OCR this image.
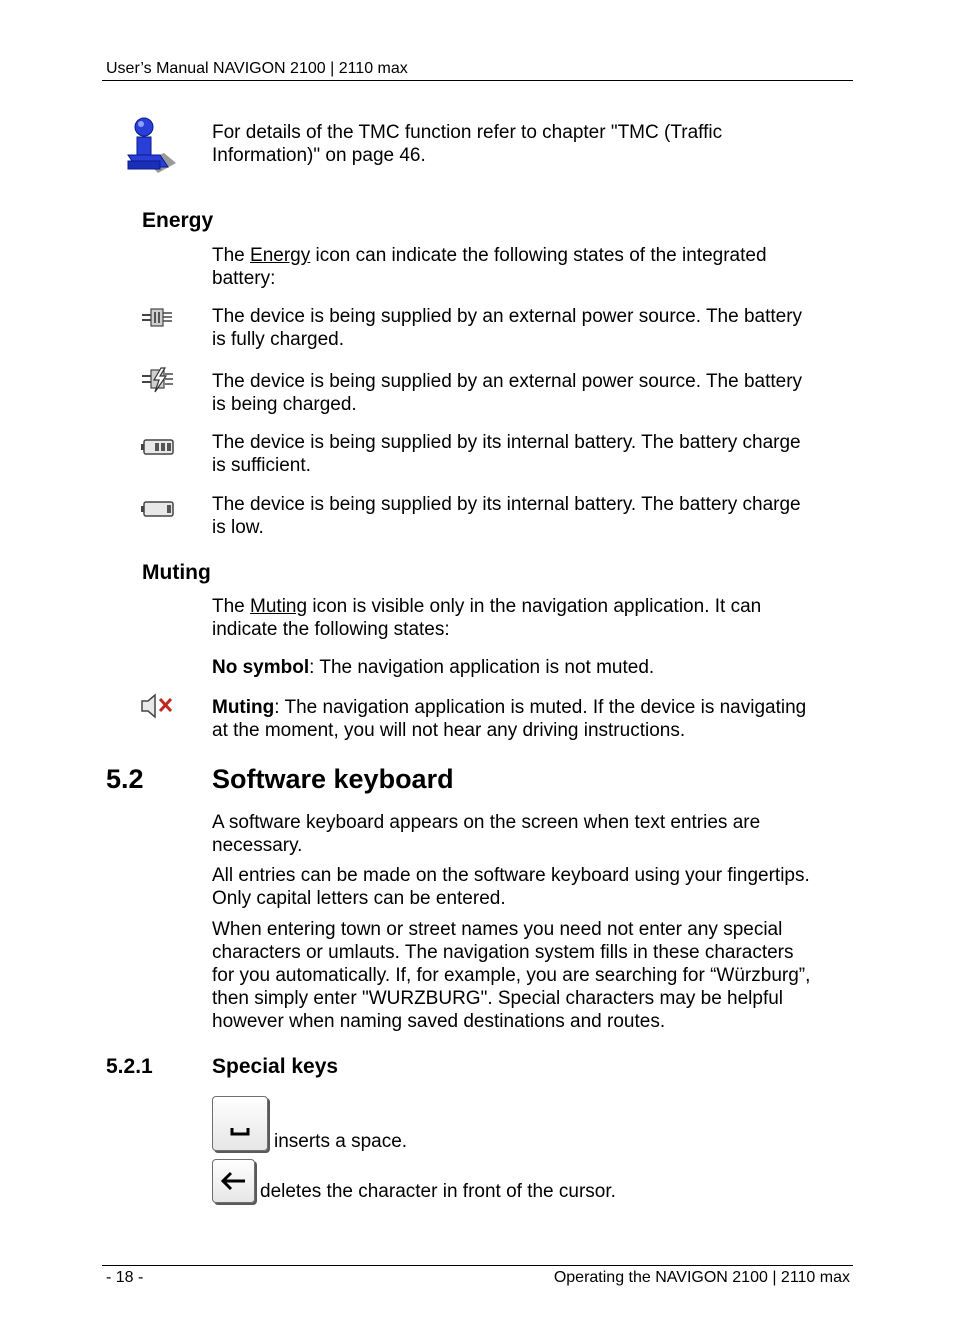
User’s Manual NAVIGON 2100 | 2110 max
For details of the TMC function refer to chapter "TMC (Traffic
Information)" on page 46.
Energy
The Energy icon can indicate the following states of the integrated
battery:
The device is being supplied by an external power source. The battery
is fully charged.
The device is being supplied by an external power source. The battery
is being charged.
The device is being supplied by its internal battery. The battery charge
is sufficient.
The device is being supplied by its internal battery. The battery charge
is low.
Muting
The Muting icon is visible only in the navigation application. It can
indicate the following states:
No symbol: The navigation application is not muted.
Muting: The navigation application is muted. If the device is navigating
at the moment, you will not hear any driving instructions.
5.2	Software keyboard
A software keyboard appears on the screen when text entries are
necessary.
All entries can be made on the software keyboard using your fingertips.
Only capital letters can be entered.
When entering town or street names you need not enter any special
characters or umlauts. The navigation system fills in these characters
for you automatically. If, for example, you are searching for “Würzburg”,
then simply enter "WURZBURG". Special characters may be helpful
however when naming saved destinations and routes.
5.2.1	Special keys
inserts a space.
deletes the character in front of the cursor.
- 18 -	Operating the NAVIGON 2100 | 2110 max
